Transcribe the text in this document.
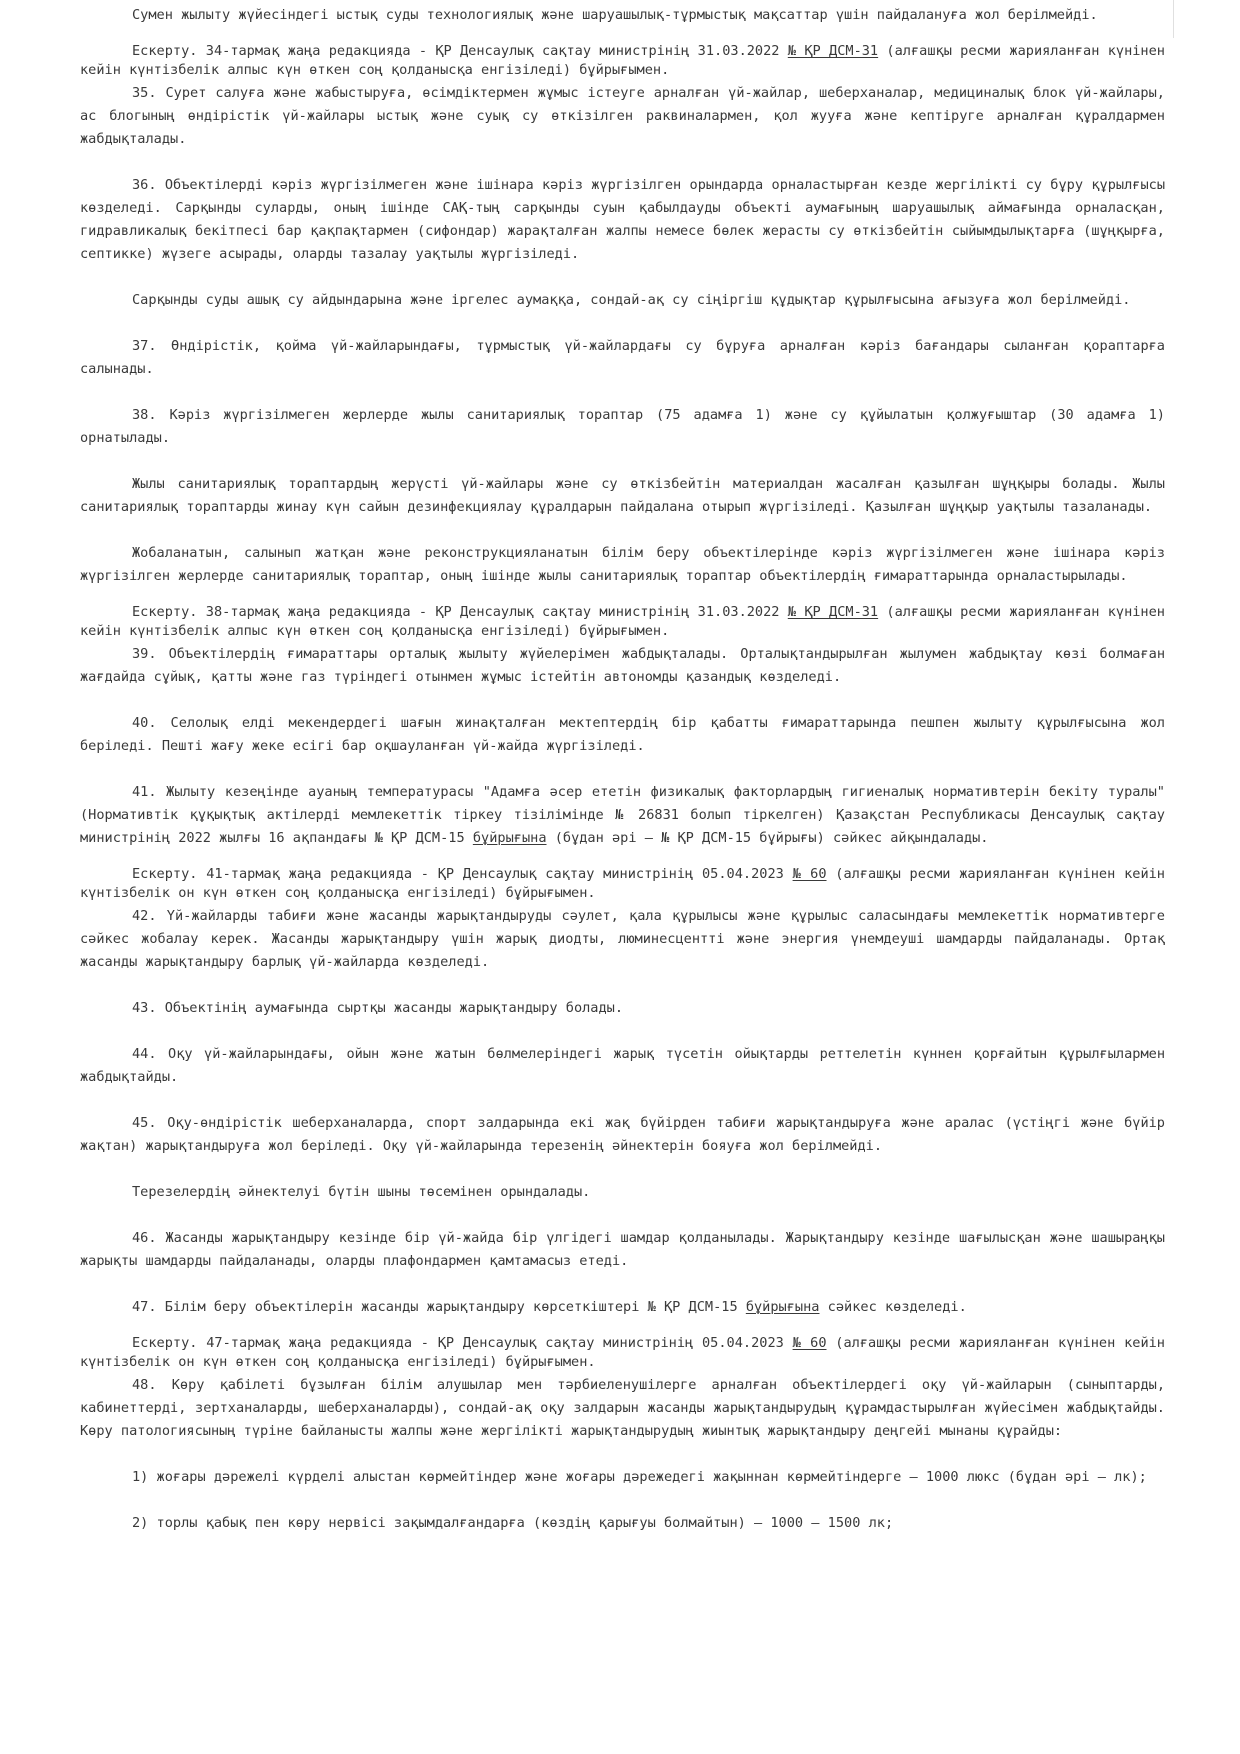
Сумен жылыту жүйесіндегі ыстық суды технологиялық және шаруашылық-тұрмыстық мақсаттар үшін пайдалануға жол берілмейді.

Ескерту. 34-тармақ жаңа редакцияда - ҚР Денсаулық сақтау министрінің 31.03.2022 № ҚР ДСМ-31 (алғашқы ресми жарияланған күнінен кейін күнтізбелік алпыс күн өткен соң қолданысқа енгізіледі) бұйрығымен.

35. Сурет салуға және жабыстыруға, өсімдіктермен жұмыс істеуге арналған үй-жайлар, шеберханалар, медициналық блок үй-жайлары, ас блогының өндірістік үй-жайлары ыстық және суық су өткізілген раквиналармен, қол жууға және кептіруге арналған құралдармен жабдықталады.

36. Объектілерді кәріз жүргізілмеген және ішінара кәріз жүргізілген орындарда орналастырған кезде жергілікті су бұру құрылғысы көзделеді. Сарқынды суларды, оның ішінде САҚ-тың сарқынды суын қабылдауды объекті аумағының шаруашылық аймағында орналасқан, гидравликалық бекітпесі бар қақпақтармен (сифондар) жарақталған жалпы немесе бөлек жерасты су өткізбейтін сыйымдылықтарға (шұңқырға, септикке) жүзеге асырады, оларды тазалау уақтылы жүргізіледі.

Сарқынды суды ашық су айдындарына және іргелес аумаққа, сондай-ақ су сіңіргіш құдықтар құрылғысына ағызуға жол берілмейді.

37. Өндірістік, қойма үй-жайларындағы, тұрмыстық үй-жайлардағы су бұруға арналған кәріз бағандары сыланған қораптарға салынады.

38. Кәріз жүргізілмеген жерлерде жылы санитариялық торaптар (75 адамға 1) және су құйылатын қолжуғыштар (30 адамға 1) орнатылады.

Жылы санитариялық тораптардың жерүсті үй-жайлары және су өткізбейтін материалдан жасалған қазылған шұңқыры болады. Жылы санитариялық тораптарды жинау күн сайын дезинфекциялау құралдарын пайдалана отырып жүргізіледі. Қазылған шұңқыр уақтылы тазаланады.

Жобаланатын, салынып жатқан және реконструкцияланатын білім беру объектілерінде кәріз жүргізілмеген және ішінара кәріз жүргізілген жерлерде санитариялық тораптар, оның ішінде жылы санитариялық тораптар объектілердің ғимараттарында орналастырылады.

Ескерту. 38-тармақ жаңа редакцияда - ҚР Денсаулық сақтау министрінің 31.03.2022 № ҚР ДСМ-31 (алғашқы ресми жарияланған күнінен кейін күнтізбелік алпыс күн өткен соң қолданысқа енгізіледі) бұйрығымен.

39. Объектілердің ғимараттары орталық жылыту жүйелерімен жабдықталады. Орталықтандырылған жылумен жабдықтау көзі болмаған жағдайда сұйық, қатты және газ түріндегі отынмен жұмыс істейтін автономды қазандық көзделеді.

40. Селолық елді мекендердегі шағын жинақталған мектептердің бір қабатты ғимараттарында пешпен жылыту құрылғысына жол беріледі. Пешті жағу жеке есігі бар оқшауланған үй-жайда жүргізіледі.

41. Жылыту кезеңінде ауаның температурасы "Адамға әсер ететін физикалық факторлардың гигиеналық нормативтерін бекіту туралы" (Нормативтік құқықтық актілерді мемлекеттік тіркеу тізілімінде № 26831 болып тіркелген) Қазақстан Республикасы Денсаулық сақтау министрінің 2022 жылғы 16 ақпандағы № ҚР ДСМ-15 бұйрығына (бұдан әрі – № ҚР ДСМ-15 бұйрығы) сәйкес айқындалады.

Ескерту. 41-тармақ жаңа редакцияда - ҚР Денсаулық сақтау министрінің 05.04.2023 № 60 (алғашқы ресми жарияланған күнінен кейін күнтізбелік он күн өткен соң қолданысқа енгізіледі) бұйрығымен.

42. Үй-жайларды табиғи және жасанды жарықтандыруды сәулет, қала құрылысы және құрылыс саласындағы мемлекеттік нормативтерге сәйкес жобалау керек. Жасанды жарықтандыру үшін жарық диодты, люминесцентті және энергия үнемдеуші шамдарды пайдаланады. Ортақ жасанды жарықтандыру барлық үй-жайларда көзделеді.

43. Объектінің аумағында сыртқы жасанды жарықтандыру болады.

44. Оқу үй-жайларындағы, ойын және жатын бөлмелеріндегі жарық түсетін ойықтарды реттелетін күннен қорғайтын құрылғылармен жабдықтайды.

45. Оқу-өндірістік шеберханаларда, спорт залдарында екі жақ бүйірден табиғи жарықтандыруға және аралас (үстіңгі және бүйір жақтан) жарықтандыруға жол беріледі. Оқу үй-жайларында терезенің әйнектерін бояуға жол берілмейді.

Терезелердің әйнектелуі бүтін шыны төсемінен орындалады.

46. Жасанды жарықтандыру кезінде бір үй-жайда бір үлгідегі шамдар қолданылады. Жарықтандыру кезінде шағылысқан және шашыраңқы жарықты шамдарды пайдаланады, оларды плафондармен қамтамасыз етеді.

47. Білім беру объектілерін жасанды жарықтандыру көрсеткіштері № ҚР ДСМ-15 бұйрығына сәйкес көзделеді.

Ескерту. 47-тармақ жаңа редакцияда - ҚР Денсаулық сақтау министрінің 05.04.2023 № 60 (алғашқы ресми жарияланған күнінен кейін күнтізбелік он күн өткен соң қолданысқа енгізіледі) бұйрығымен.

48. Көру қабілеті бұзылған білім алушылар мен тәрбиеленушілерге арналған объектілердегі оқу үй-жайларын (сыныптарды, кабинеттерді, зертханаларды, шеберханаларды), сондай-ақ оқу залдарын жасанды жарықтандырудың құрамдастырылған жүйесімен жабдықтайды. Көру патологиясының түріне байланысты жалпы және жергілікті жарықтандырудың жиынтық жарықтандыру деңгейі мынаны құрайды:

1) жоғары дәрежелі күрделі алыстан көрмейтіндер және жоғары дәрежедегі жақыннан көрмейтіндерге – 1000 люкс (бұдан әрі – лк);

2) торлы қабық пен көру нервісі зақымдалғандарға (көздің қарығуы болмайтын) – 1000 – 1500 лк;
